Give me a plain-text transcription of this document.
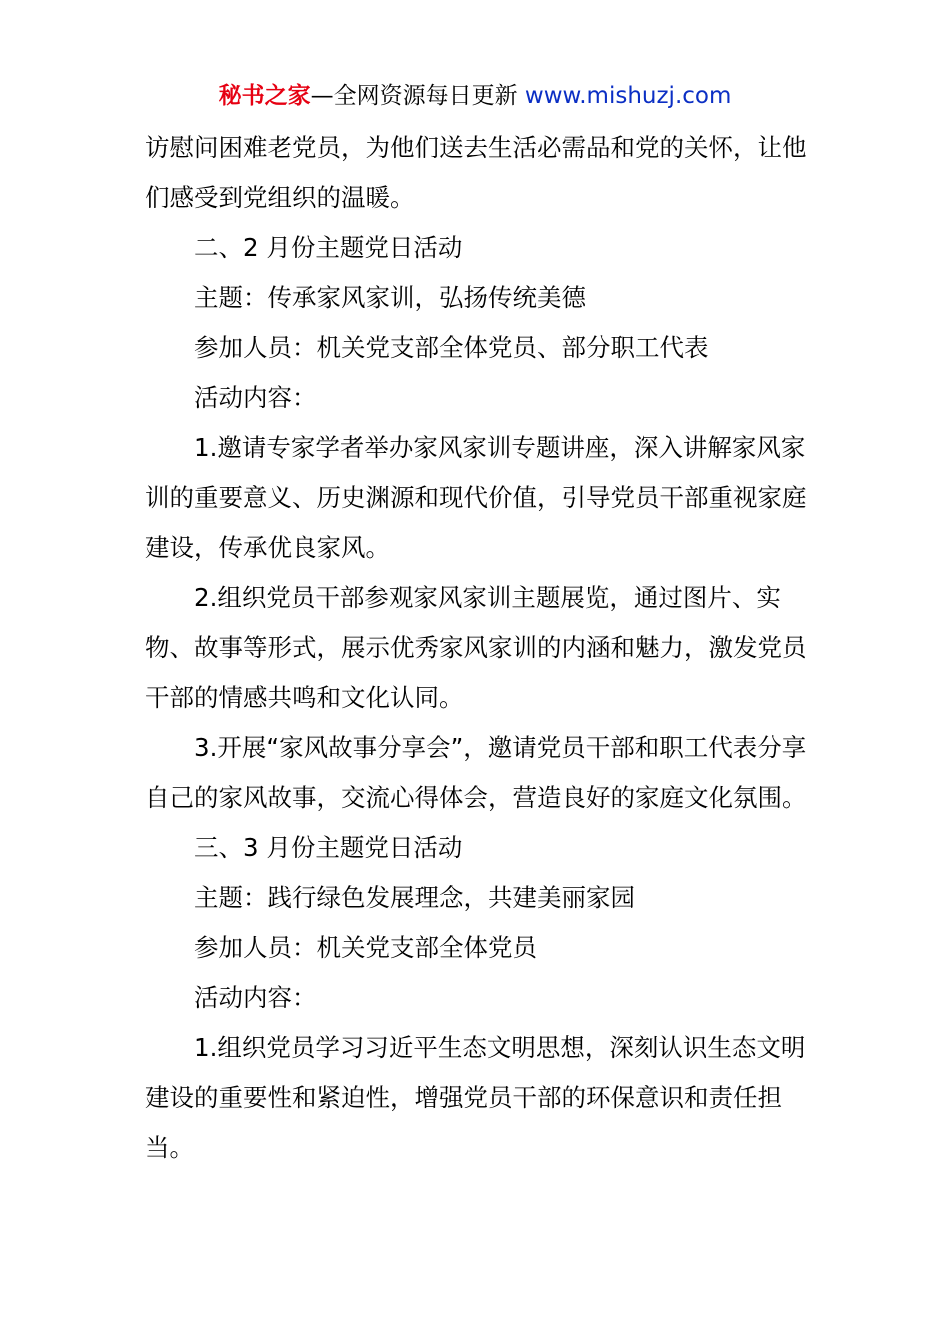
秘书之家—全网资源每日更新 www.mishuzj.com

访慰问困难老党员，为他们送去生活必需品和党的关怀，让他们感受到党组织的温暖。

二、2 月份主题党日活动

主题：传承家风家训，弘扬传统美德

参加人员：机关党支部全体党员、部分职工代表

活动内容：

1.邀请专家学者举办家风家训专题讲座，深入讲解家风家训的重要意义、历史渊源和现代价值，引导党员干部重视家庭建设，传承优良家风。

2.组织党员干部参观家风家训主题展览，通过图片、实物、故事等形式，展示优秀家风家训的内涵和魅力，激发党员干部的情感共鸣和文化认同。

3.开展“家风故事分享会”，邀请党员干部和职工代表分享自己的家风故事，交流心得体会，营造良好的家庭文化氛围。

三、3 月份主题党日活动

主题：践行绿色发展理念，共建美丽家园

参加人员：机关党支部全体党员

活动内容：

1.组织党员学习习近平生态文明思想，深刻认识生态文明建设的重要性和紧迫性，增强党员干部的环保意识和责任担当。
